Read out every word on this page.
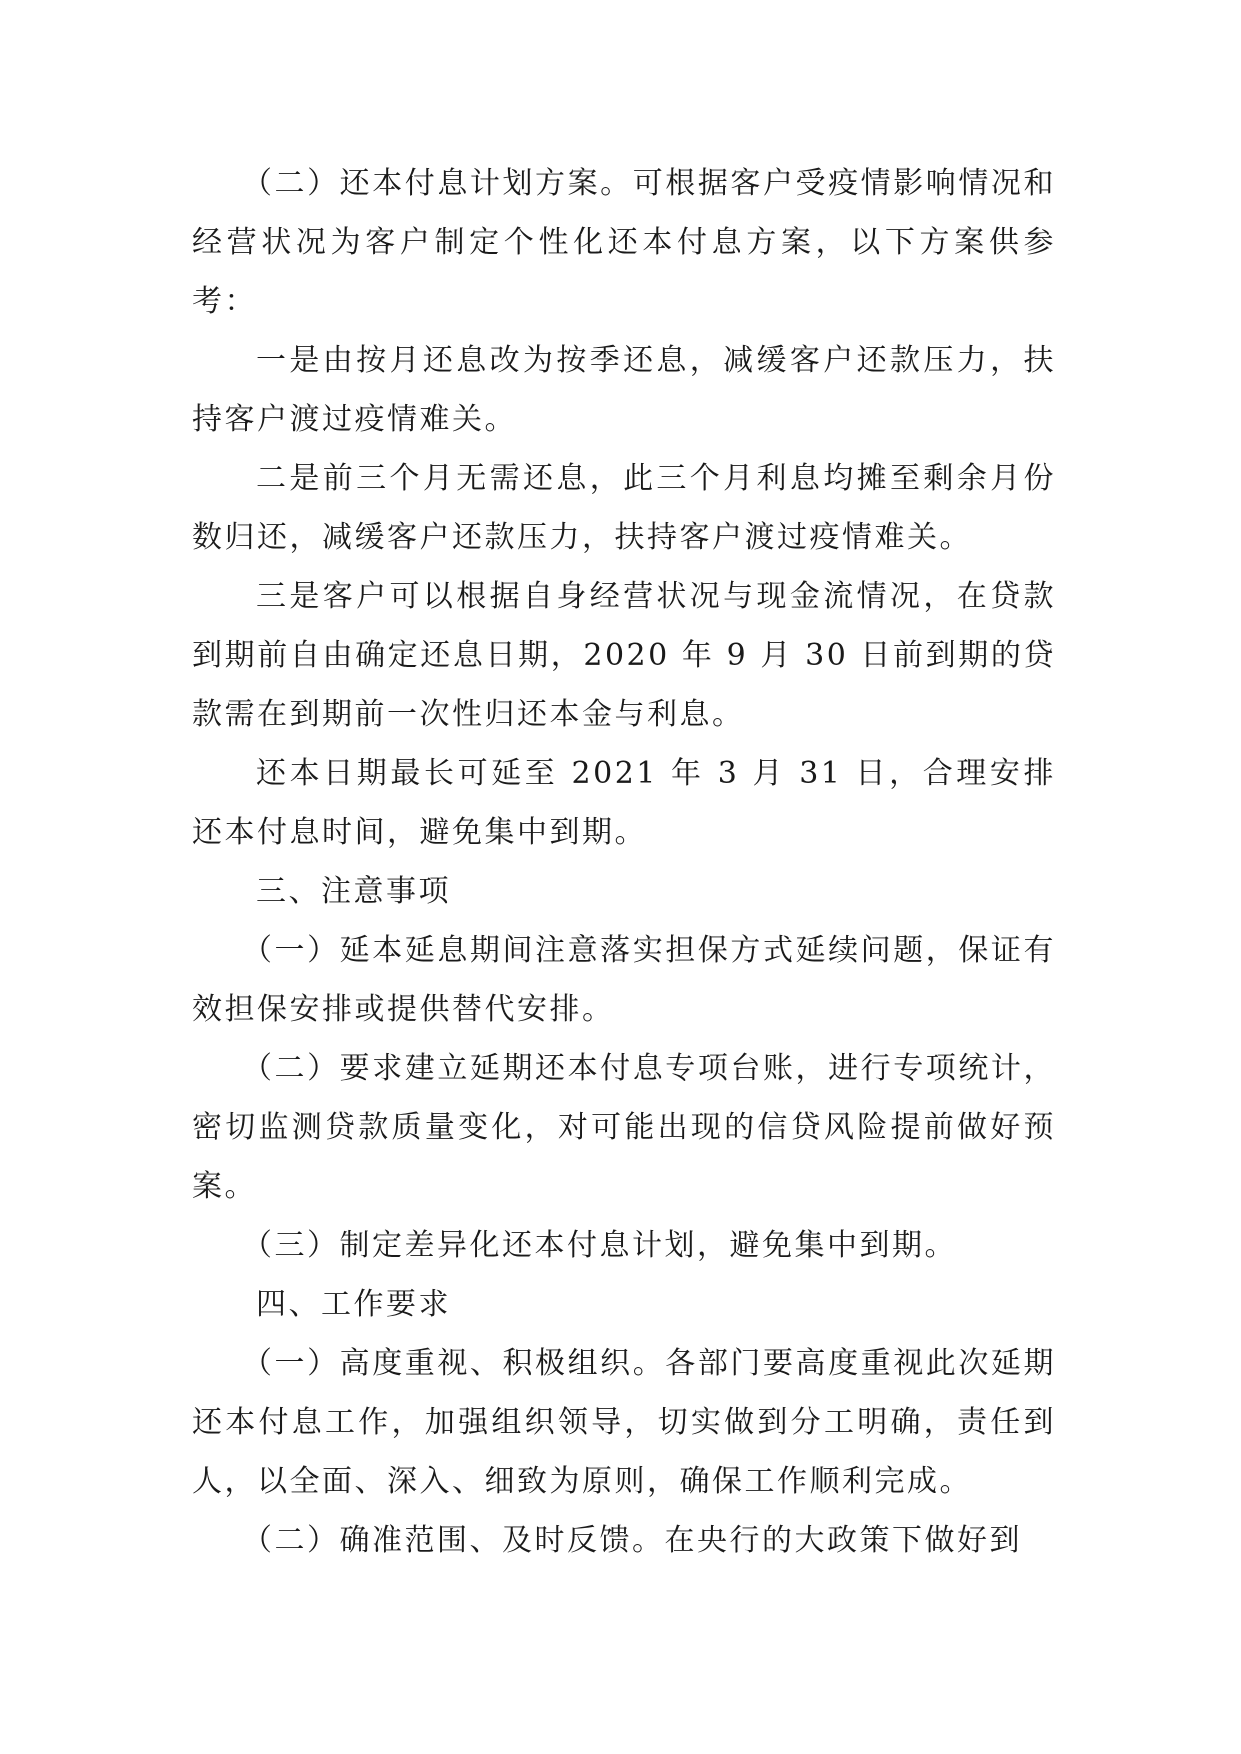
（二）还本付息计划方案。可根据客户受疫情影响情况和经营状况为客户制定个性化还本付息方案，以下方案供参考：

一是由按月还息改为按季还息，减缓客户还款压力，扶持客户渡过疫情难关。

二是前三个月无需还息，此三个月利息均摊至剩余月份数归还，减缓客户还款压力，扶持客户渡过疫情难关。

三是客户可以根据自身经营状况与现金流情况，在贷款到期前自由确定还息日期，2020 年 9 月 30 日前到期的贷款需在到期前一次性归还本金与利息。

还本日期最长可延至 2021 年 3 月 31 日，合理安排还本付息时间，避免集中到期。

三、注意事项

（一）延本延息期间注意落实担保方式延续问题，保证有效担保安排或提供替代安排。

（二）要求建立延期还本付息专项台账，进行专项统计，密切监测贷款质量变化，对可能出现的信贷风险提前做好预案。

（三）制定差异化还本付息计划，避免集中到期。

四、工作要求

（一）高度重视、积极组织。各部门要高度重视此次延期还本付息工作，加强组织领导，切实做到分工明确，责任到人，以全面、深入、细致为原则，确保工作顺利完成。

（二）确准范围、及时反馈。在央行的大政策下做好到
